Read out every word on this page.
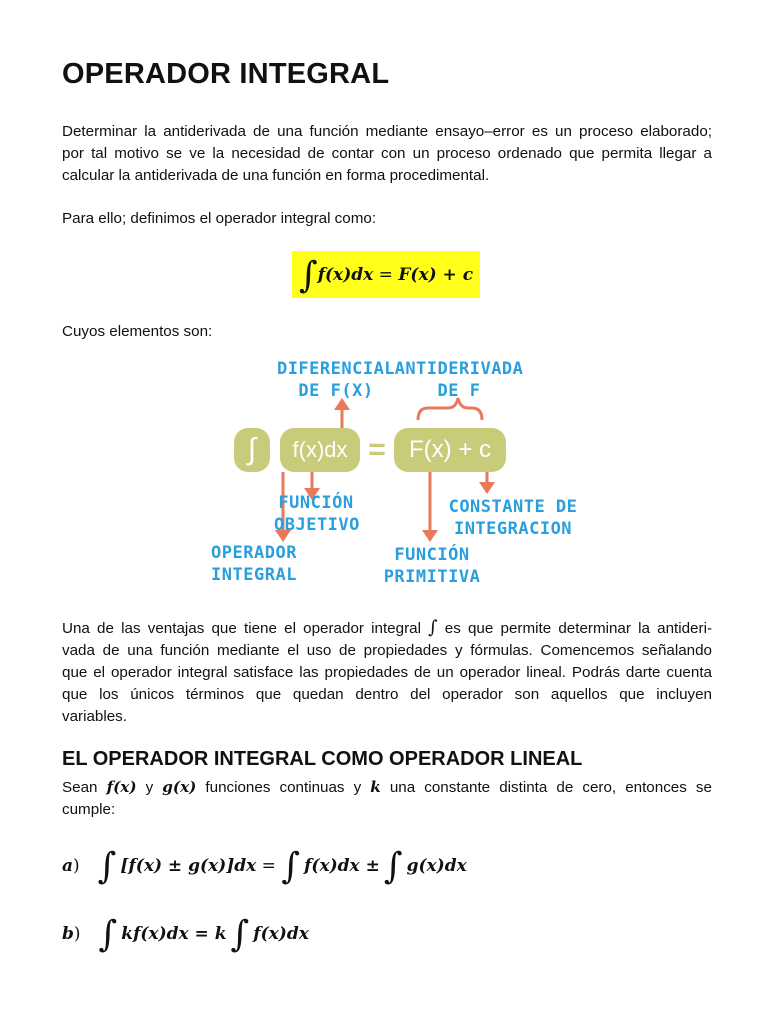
OPERADOR INTEGRAL
Determinar la antiderivada de una función mediante ensayo–error es un proceso elaborado;
por tal motivo se ve la necesidad de contar con un proceso ordenado que permita llegar a
calcular la antiderivada de una función en forma procedimental.
Para ello; definimos el operador integral como:
∫ f(x)dx = F(x) + c
Cuyos elementos son:
DIFERENCIAL
DE F(X)
ANTIDERIVADA
DE F
∫	f(x)dx = F(x) + c
FUNCIÓN
OBJETIVO
CONSTANTE DE
INTEGRACION
OPERADOR
INTEGRAL
FUNCIÓN
PRIMITIVA
Una de las ventajas que tiene el operador integral ∫ es que permite determinar la antideri-
vada de una función mediante el uso de propiedades y fórmulas. Comencemos señalando
que el operador integral satisface las propiedades de un operador lineal. Podrás darte cuenta
que los únicos términos que quedan dentro del operador son aquellos que incluyen
variables.
EL OPERADOR INTEGRAL COMO OPERADOR LINEAL
Sean f(x) y g(x) funciones continuas y k una constante distinta de cero, entonces se
cumple:
a ) ∫ [f(x) ± g(x)]dx = ∫ f(x)dx ± ∫ g(x)dx
b ) ∫ kf(x)dx = k ∫ f(x)dx
